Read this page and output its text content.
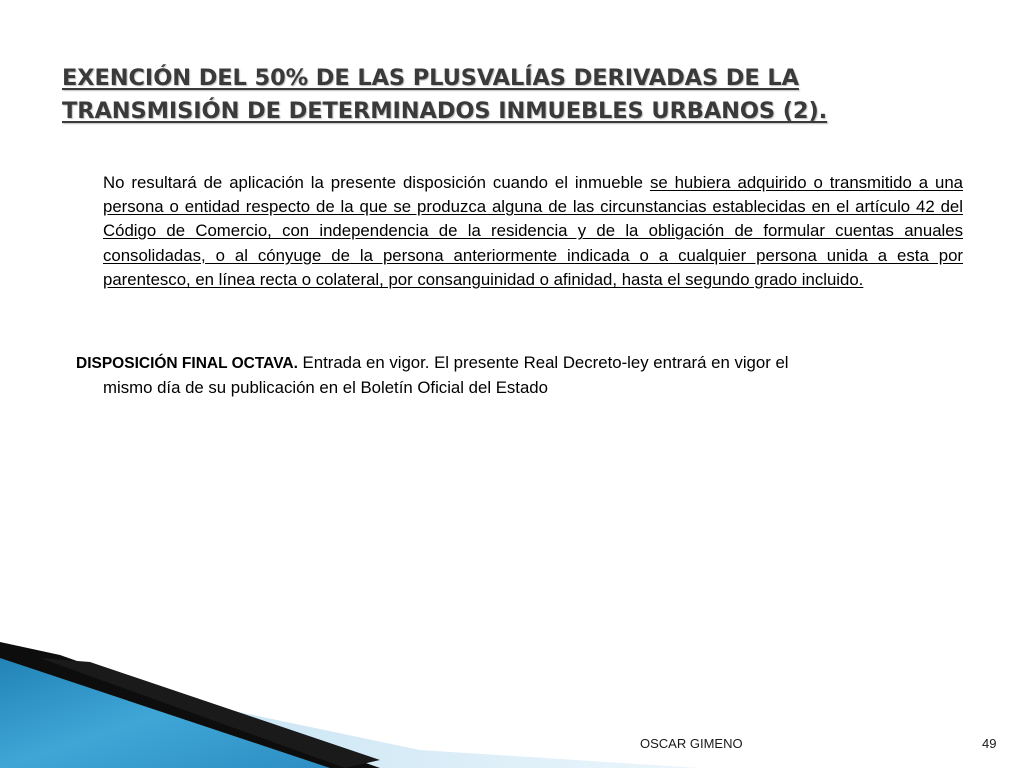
EXENCIÓN DEL 50% DE LAS PLUSVALÍAS DERIVADAS DE LA TRANSMISIÓN DE DETERMINADOS INMUEBLES URBANOS (2).

No resultará de aplicación la presente disposición cuando el inmueble se hubiera adquirido o transmitido a una persona o entidad respecto de la que se produzca alguna de las circunstancias establecidas en el artículo 42 del Código de Comercio, con independencia de la residencia y de la obligación de formular cuentas anuales consolidadas, o al cónyuge de la persona anteriormente indicada o a cualquier persona unida a esta por parentesco, en línea recta o colateral, por consanguinidad o afinidad, hasta el segundo grado incluido.

DISPOSICIÓN FINAL OCTAVA. Entrada en vigor. El presente Real Decreto-ley entrará en vigor el
mismo día de su publicación en el Boletín Oficial del Estado

OSCAR GIMENO	49
